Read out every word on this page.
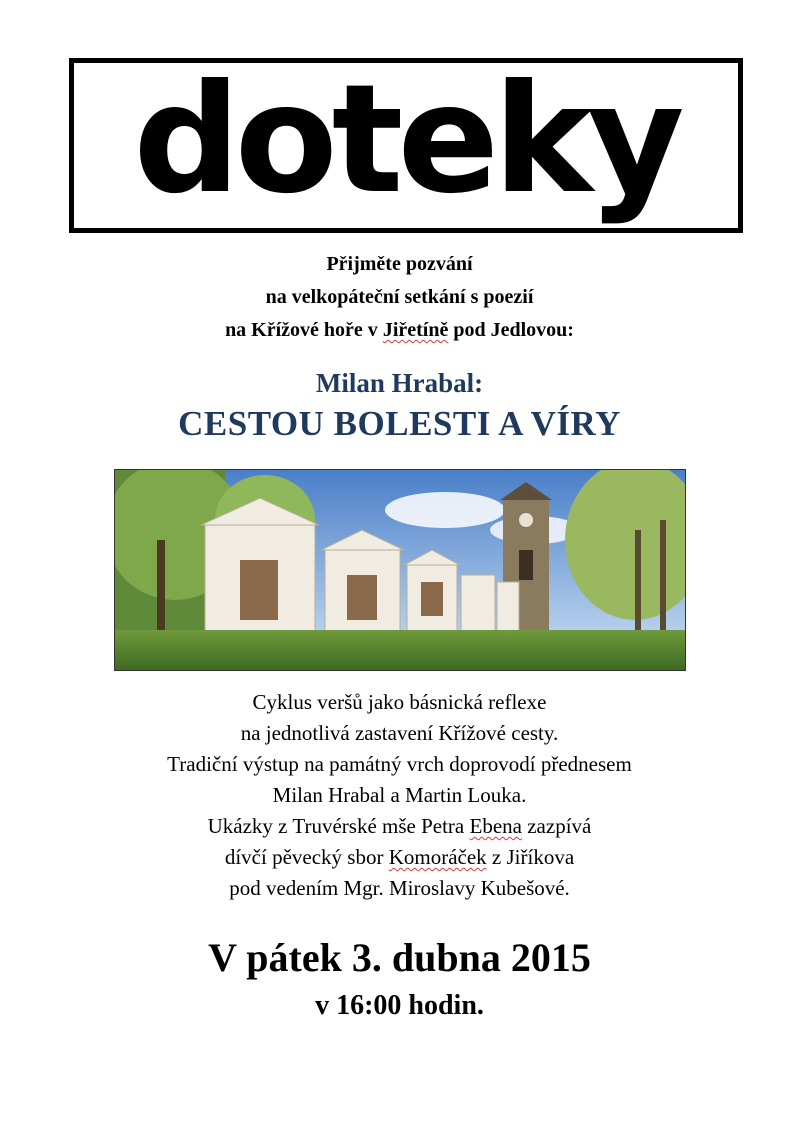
doteky
Přijměte pozvání
na velkopáteční setkání s poezií
na Křížové hoře v Jiřetíně pod Jedlovou:
Milan Hrabal:
CESTOU BOLESTI A VÍRY
Cyklus veršů jako básnická reflexe
na jednotlivá zastavení Křížové cesty.
Tradiční výstup na památný vrch doprovodí přednesem
Milan Hrabal a Martin Louka.
Ukázky z Truvérské mše Petra Ebena zazpívá
dívčí pěvecký sbor Komoráček z Jiříkova
pod vedením Mgr. Miroslavy Kubešové.
V pátek 3. dubna 2015
v 16:00 hodin.
